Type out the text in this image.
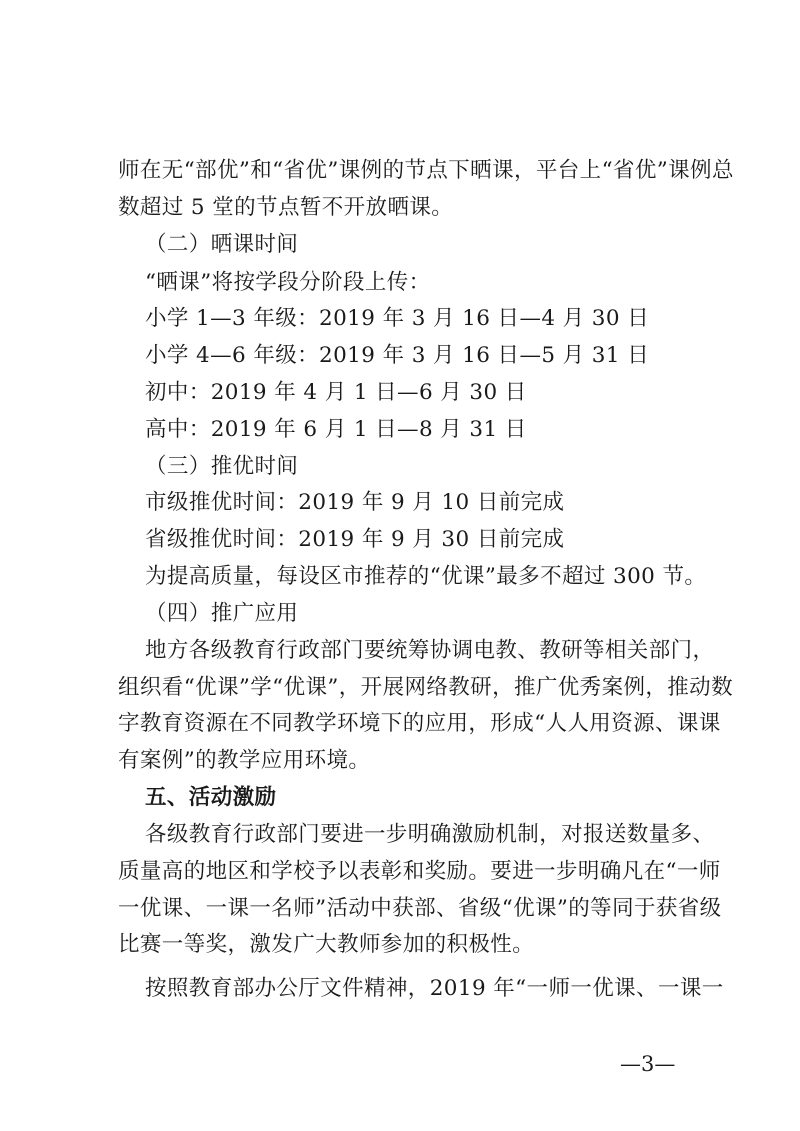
师在无“部优”和“省优”课例的节点下晒课，平台上“省优”课例总
数超过 5 堂的节点暂不开放晒课。
（二）晒课时间
“晒课”将按学段分阶段上传：
小学 1—3 年级：2019 年 3 月 16 日—4 月 30 日
小学 4—6 年级：2019 年 3 月 16 日—5 月 31 日
初中：2019 年 4 月 1 日—6 月 30 日
高中：2019 年 6 月 1 日—8 月 31 日
（三）推优时间
市级推优时间：2019 年 9 月 10 日前完成
省级推优时间：2019 年 9 月 30 日前完成
为提高质量，每设区市推荐的“优课”最多不超过 300 节。
（四）推广应用
地方各级教育行政部门要统筹协调电教、教研等相关部门，
组织看“优课”学“优课”，开展网络教研，推广优秀案例，推动数
字教育资源在不同教学环境下的应用，形成“人人用资源、课课
有案例”的教学应用环境。
五、活动激励
各级教育行政部门要进一步明确激励机制，对报送数量多、
质量高的地区和学校予以表彰和奖励。要进一步明确凡在“一师
一优课、一课一名师”活动中获部、省级“优课”的等同于获省级
比赛一等奖，激发广大教师参加的积极性。
按照教育部办公厅文件精神，2019 年“一师一优课、一课一
—3—
